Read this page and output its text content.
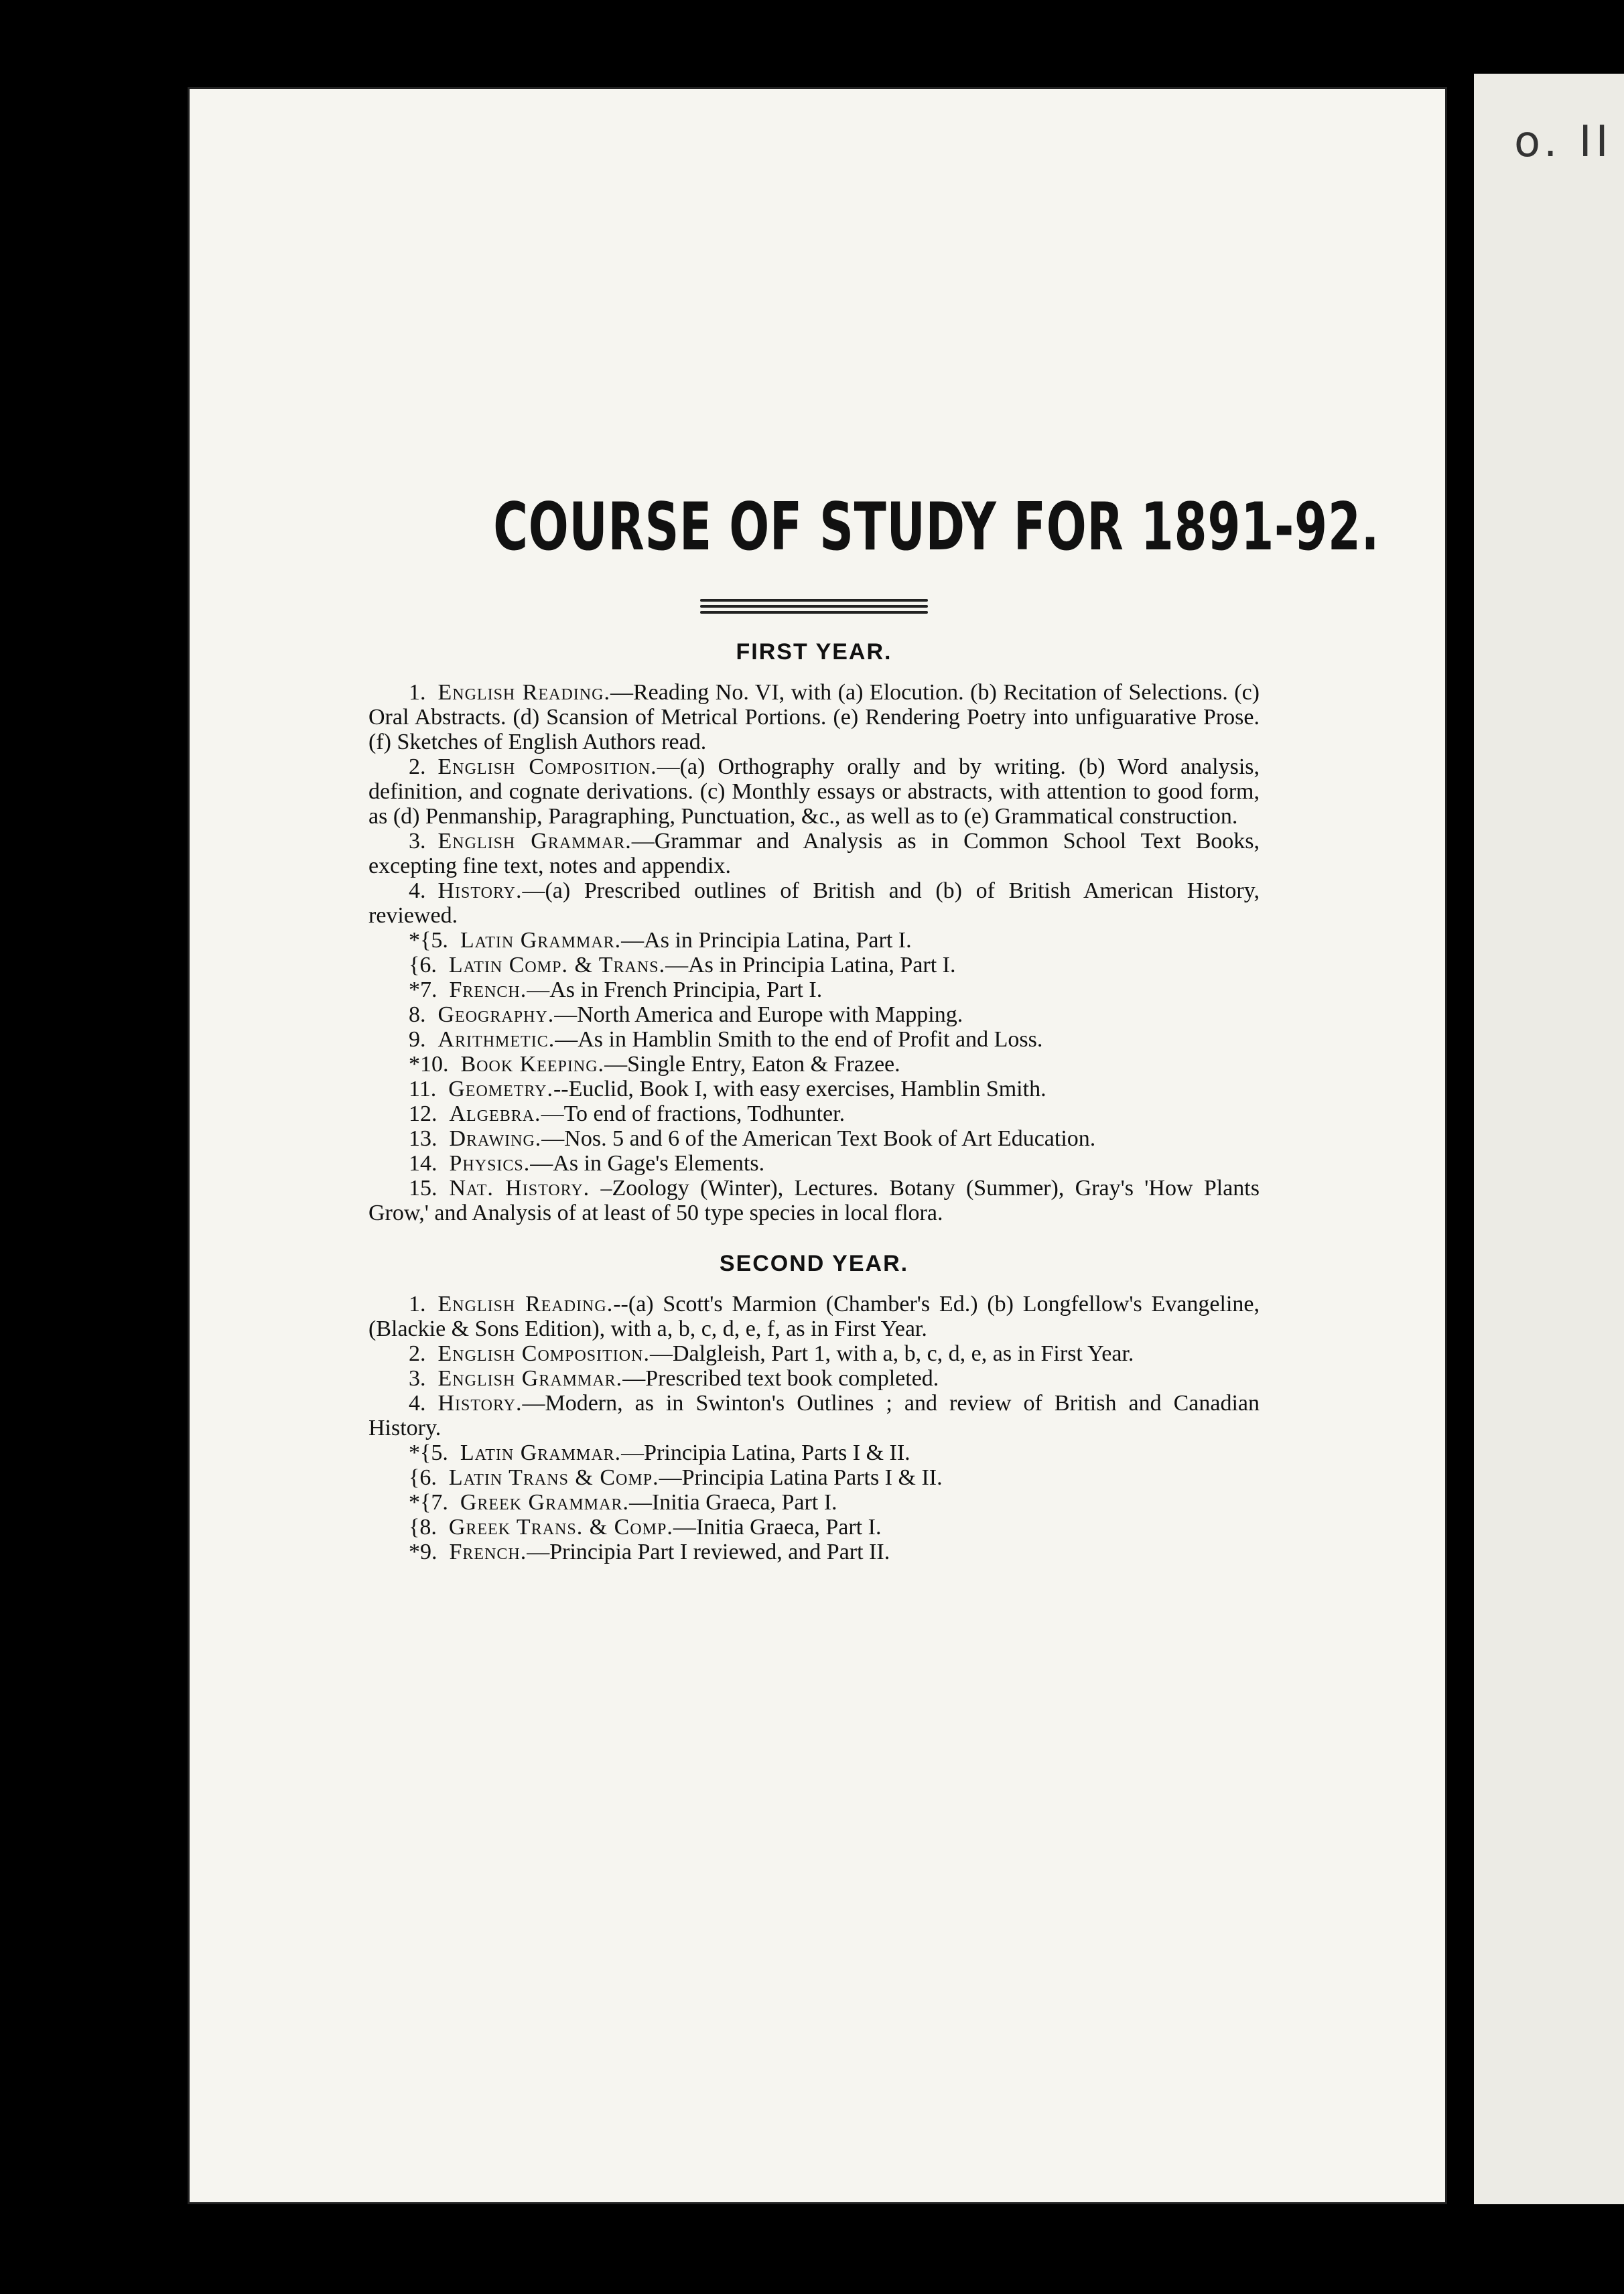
o. II
COURSE OF STUDY FOR 1891-92.
FIRST YEAR.

1. English Reading.—Reading No. VI, with (a) Elocution. (b) Recitation of Selections. (c) Oral Abstracts. (d) Scansion of Metrical Portions. (e) Rendering Poetry into unfiguarative Prose. (f) Sketches of English Authors read.

2. English Composition.—(a) Orthography orally and by writing. (b) Word analysis, definition, and cognate derivations. (c) Monthly essays or abstracts, with attention to good form, as (d) Penmanship, Paragraphing, Punctuation, &c., as well as to (e) Grammatical construction.

3. English Grammar.—Grammar and Analysis as in Common School Text Books, excepting fine text, notes and appendix.

4. History.—(a) Prescribed outlines of British and (b) of British American History, reviewed.

*{5. Latin Grammar.—As in Principia Latina, Part I.

{6. Latin Comp. & Trans.—As in Principia Latina, Part I.

*7. French.—As in French Principia, Part I.

8. Geography.—North America and Europe with Mapping.

9. Arithmetic.—As in Hamblin Smith to the end of Profit and Loss.

*10. Book Keeping.—Single Entry, Eaton & Frazee.

11. Geometry.--Euclid, Book I, with easy exercises, Hamblin Smith.

12. Algebra.—To end of fractions, Todhunter.

13. Drawing.—Nos. 5 and 6 of the American Text Book of Art Education.

14. Physics.—As in Gage's Elements.

15. Nat. History. –Zoology (Winter), Lectures. Botany (Summer), Gray's 'How Plants Grow,' and Analysis of at least of 50 type species in local flora.

SECOND YEAR.

1. English Reading.--(a) Scott's Marmion (Chamber's Ed.) (b) Longfellow's Evangeline, (Blackie & Sons Edition), with a, b, c, d, e, f, as in First Year.

2. English Composition.—Dalgleish, Part 1, with a, b, c, d, e, as in First Year.

3. English Grammar.—Prescribed text book completed.

4. History.—Modern, as in Swinton's Outlines ; and review of British and Canadian History.

*{5. Latin Grammar.—Principia Latina, Parts I & II.

{6. Latin Trans & Comp.—Principia Latina Parts I & II.

*{7. Greek Grammar.—Initia Graeca, Part I.

{8. Greek Trans. & Comp.—Initia Graeca, Part I.

*9. French.—Principia Part I reviewed, and Part II.
